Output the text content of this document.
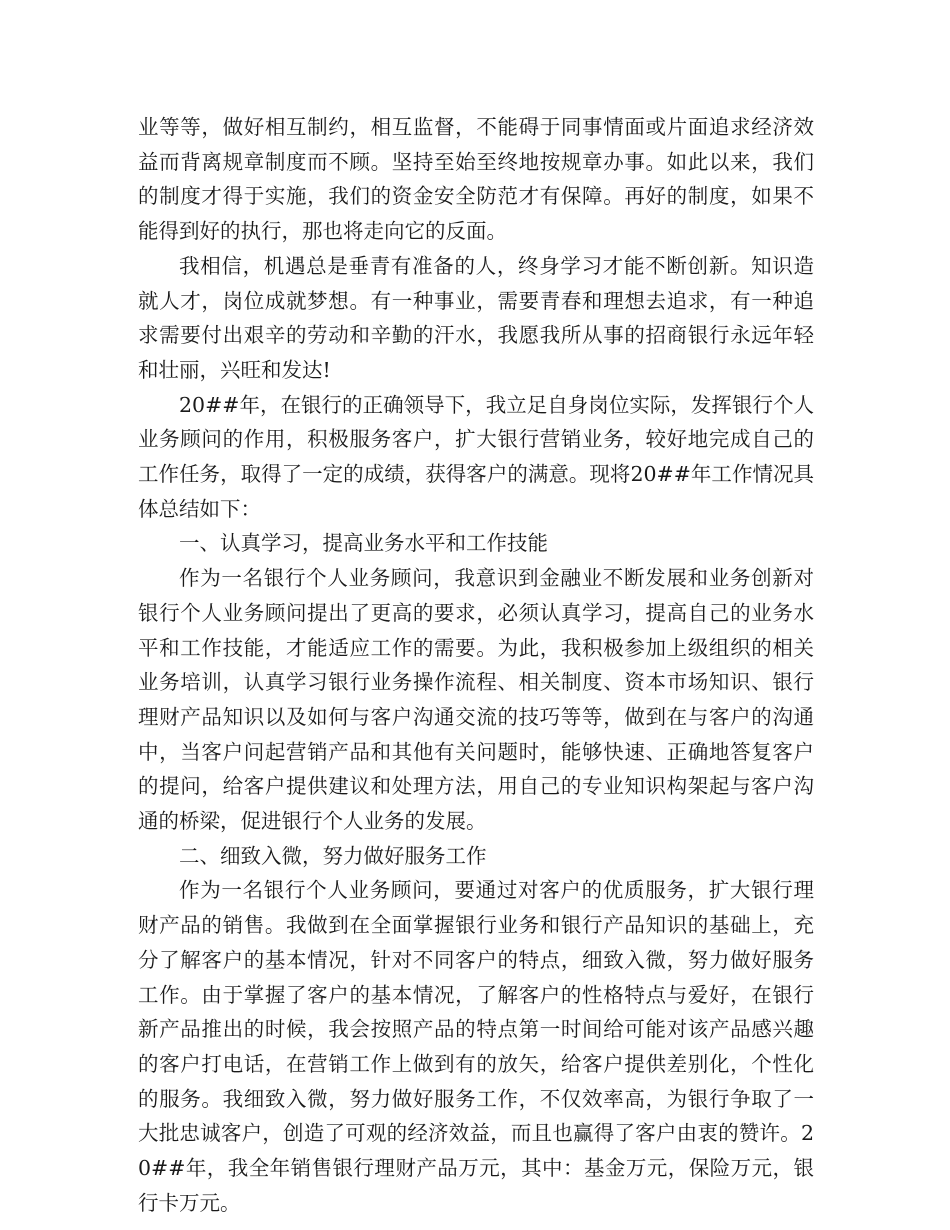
业等等，做好相互制约，相互监督，不能碍于同事情面或片面追求经济效益而背离规章制度而不顾。坚持至始至终地按规章办事。如此以来，我们的制度才得于实施，我们的资金安全防范才有保障。再好的制度，如果不能得到好的执行，那也将走向它的反面。

我相信，机遇总是垂青有准备的人，终身学习才能不断创新。知识造就人才，岗位成就梦想。有一种事业，需要青春和理想去追求，有一种追求需要付出艰辛的劳动和辛勤的汗水，我愿我所从事的招商银行永远年轻和壮丽，兴旺和发达!

20##年，在银行的正确领导下，我立足自身岗位实际，发挥银行个人业务顾问的作用，积极服务客户，扩大银行营销业务，较好地完成自己的工作任务，取得了一定的成绩，获得客户的满意。现将20##年工作情况具体总结如下：

一、认真学习，提高业务水平和工作技能

作为一名银行个人业务顾问，我意识到金融业不断发展和业务创新对银行个人业务顾问提出了更高的要求，必须认真学习，提高自己的业务水平和工作技能，才能适应工作的需要。为此，我积极参加上级组织的相关业务培训，认真学习银行业务操作流程、相关制度、资本市场知识、银行理财产品知识以及如何与客户沟通交流的技巧等等，做到在与客户的沟通中，当客户问起营销产品和其他有关问题时，能够快速、正确地答复客户的提问，给客户提供建议和处理方法，用自己的专业知识构架起与客户沟通的桥梁，促进银行个人业务的发展。

二、细致入微，努力做好服务工作

作为一名银行个人业务顾问，要通过对客户的优质服务，扩大银行理财产品的销售。我做到在全面掌握银行业务和银行产品知识的基础上，充分了解客户的基本情况，针对不同客户的特点，细致入微，努力做好服务工作。由于掌握了客户的基本情况，了解客户的性格特点与爱好，在银行新产品推出的时候，我会按照产品的特点第一时间给可能对该产品感兴趣的客户打电话，在营销工作上做到有的放矢，给客户提供差别化，个性化的服务。我细致入微，努力做好服务工作，不仅效率高，为银行争取了一大批忠诚客户，创造了可观的经济效益，而且也赢得了客户由衷的赞许。20##年，我全年销售银行理财产品万元，其中：基金万元，保险万元，银行卡万元。
